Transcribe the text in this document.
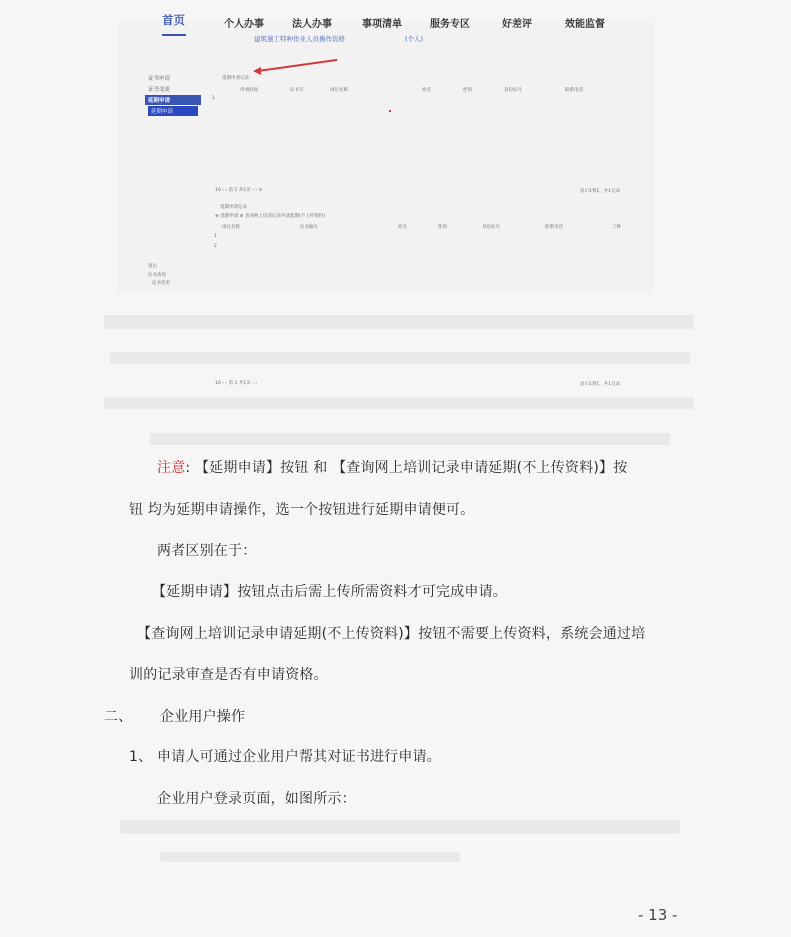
首页	个人办事	法人办事	事项清单	服务专区	好差评	效能监督
建筑施工特种作业人员操作资格	(个人)
证书申请
证书变更
延期申请
延期申请
延期申请记录
申请时间	证书号	岗位名称	姓名	性别	身份证号	联系电话
1
10 ‹ ‹ 第 1 共1页 › › ↻	显示1到1，共1记录
延期申请记录
⊕ 延期申请 ⊕ 查询网上培训记录申请延期(不上传资料)
岗位名称	证书编号	姓名	性别	身份证号	联系电话	工种
1
2
退出
证书查询
证书变更
10 ‹ ‹ 第 1 共1页 › ›	显示1到1，共1记录
注意: 【延期申请】按钮 和 【查询网上培训记录申请延期(不上传资料)】按
钮 均为延期申请操作，选一个按钮进行延期申请便可。
两者区别在于：
【延期申请】按钮点击后需上传所需资料才可完成申请。
【查询网上培训记录申请延期(不上传资料)】按钮不需要上传资料，系统会通过培
训的记录审查是否有申请资格。
二、 企业用户操作
1、 申请人可通过企业用户帮其对证书进行申请。
企业用户登录页面，如图所示：
- 13 -
